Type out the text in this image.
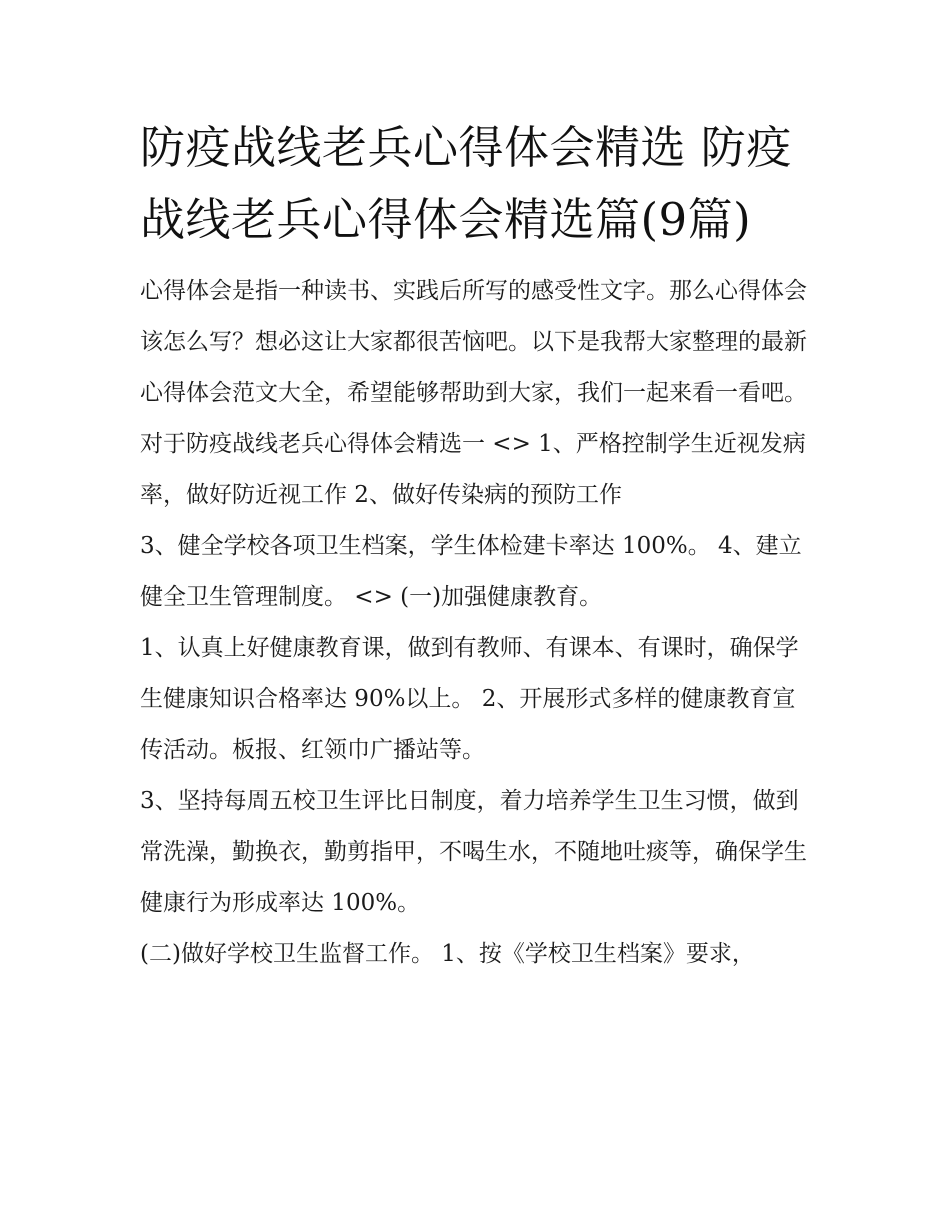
防疫战线老兵心得体会精选 防疫战线老兵心得体会精选篇(9篇)

心得体会是指一种读书、实践后所写的感受性文字。那么心得体会该怎么写？想必这让大家都很苦恼吧。以下是我帮大家整理的最新心得体会范文大全，希望能够帮助到大家，我们一起来看一看吧。

对于防疫战线老兵心得体会精选一 <> 1、严格控制学生近视发病率，做好防近视工作 2、做好传染病的预防工作

3、健全学校各项卫生档案，学生体检建卡率达 100%。 4、建立健全卫生管理制度。 <> (一)加强健康教育。

1、认真上好健康教育课，做到有教师、有课本、有课时，确保学生健康知识合格率达 90%以上。 2、开展形式多样的健康教育宣传活动。板报、红领巾广播站等。

3、坚持每周五校卫生评比日制度，着力培养学生卫生习惯，做到常洗澡，勤换衣，勤剪指甲，不喝生水，不随地吐痰等，确保学生健康行为形成率达 100%。

(二)做好学校卫生监督工作。 1、按《学校卫生档案》要求，
